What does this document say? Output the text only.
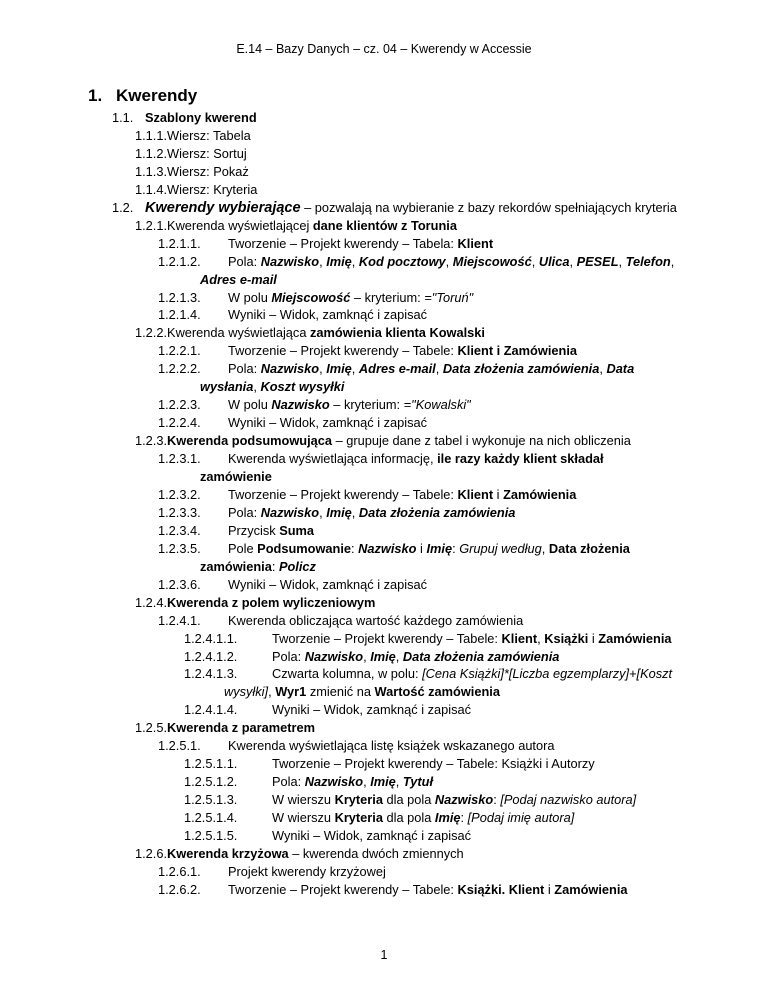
E.14 – Bazy Danych – cz. 04 – Kwerendy w Accessie
1. Kwerendy
1.1. Szablony kwerend
1.1.1.Wiersz: Tabela
1.1.2.Wiersz: Sortuj
1.1.3.Wiersz: Pokaż
1.1.4.Wiersz: Kryteria
1.2. Kwerendy wybierające – pozwalają na wybieranie z bazy rekordów spełniających kryteria
1.2.1.Kwerenda wyświetlającej dane klientów z Torunia
1.2.1.1. Tworzenie – Projekt kwerendy – Tabela: Klient
1.2.1.2. Pola: Nazwisko, Imię, Kod pocztowy, Miejscowość, Ulica, PESEL, Telefon,
Adres e-mail
1.2.1.3. W polu Miejscowość – kryterium: ="Toruń"
1.2.1.4. Wyniki – Widok, zamknąć i zapisać
1.2.2.Kwerenda wyświetlająca zamówienia klienta Kowalski
1.2.2.1. Tworzenie – Projekt kwerendy – Tabele: Klient i Zamówienia
1.2.2.2. Pola: Nazwisko, Imię, Adres e-mail, Data złożenia zamówienia, Data
wysłania, Koszt wysyłki
1.2.2.3. W polu Nazwisko – kryterium: ="Kowalski"
1.2.2.4. Wyniki – Widok, zamknąć i zapisać
1.2.3.Kwerenda podsumowująca – grupuje dane z tabel i wykonuje na nich obliczenia
1.2.3.1. Kwerenda wyświetlająca informację, ile razy każdy klient składał
zamówienie
1.2.3.2. Tworzenie – Projekt kwerendy – Tabele: Klient i Zamówienia
1.2.3.3. Pola: Nazwisko, Imię, Data złożenia zamówienia
1.2.3.4. Przycisk Suma
1.2.3.5. Pole Podsumowanie: Nazwisko i Imię: Grupuj według, Data złożenia
zamówienia: Policz
1.2.3.6. Wyniki – Widok, zamknąć i zapisać
1.2.4.Kwerenda z polem wyliczeniowym
1.2.4.1. Kwerenda obliczająca wartość każdego zamówienia
1.2.4.1.1.	Tworzenie – Projekt kwerendy – Tabele: Klient, Książki i Zamówienia
1.2.4.1.2.	Pola: Nazwisko, Imię, Data złożenia zamówienia
1.2.4.1.3.	Czwarta kolumna, w polu: [Cena Książki]*[Liczba egzemplarzy]+[Koszt
wysyłki], Wyr1 zmienić na Wartość zamówienia
1.2.4.1.4.	Wyniki – Widok, zamknąć i zapisać
1.2.5.Kwerenda z parametrem
1.2.5.1. Kwerenda wyświetlająca listę książek wskazanego autora
1.2.5.1.1.	Tworzenie – Projekt kwerendy – Tabele: Książki i Autorzy
1.2.5.1.2.	Pola: Nazwisko, Imię, Tytuł
1.2.5.1.3.	W wierszu Kryteria dla pola Nazwisko: [Podaj nazwisko autora]
1.2.5.1.4.	W wierszu Kryteria dla pola Imię: [Podaj imię autora]
1.2.5.1.5.	Wyniki – Widok, zamknąć i zapisać
1.2.6.Kwerenda krzyżowa – kwerenda dwóch zmiennych
1.2.6.1. Projekt kwerendy krzyżowej
1.2.6.2. Tworzenie – Projekt kwerendy – Tabele: Książki. Klient i Zamówienia
1
